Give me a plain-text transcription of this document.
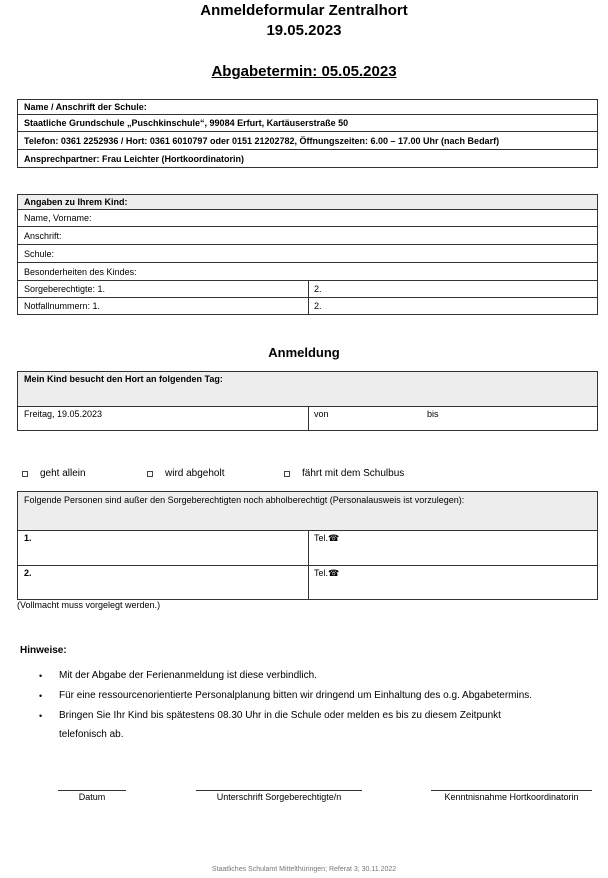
Anmeldeformular Zentralhort
19.05.2023
Abgabetermin: 05.05.2023
Name / Anschrift der Schule:
Staatliche Grundschule „Puschkinschule“, 99084 Erfurt, Kartäuserstraße 50
Telefon: 0361 2252936 / Hort: 0361 6010797 oder 0151 21202782, Öffnungszeiten: 6.00 – 17.00 Uhr (nach Bedarf)
Ansprechpartner: Frau Leichter (Hortkoordinatorin)
Angaben zu Ihrem Kind:
Name, Vorname:
Anschrift:
Schule:
Besonderheiten des Kindes:
Sorgeberechtigte: 1.	2.
Notfallnummern: 1.	2.
Anmeldung
Mein Kind besucht den Hort an folgenden Tag:
Freitag, 19.05.2023	von	bis
geht allein	wird abgeholt	fährt mit dem Schulbus
Folgende Personen sind außer den Sorgeberechtigten noch abholberechtigt (Personalausweis ist vorzulegen):
1.	Tel.☎
2.	Tel.☎
(Vollmacht muss vorgelegt werden.)
Hinweise:
• Mit der Abgabe der Ferienanmeldung ist diese verbindlich.
• Für eine ressourcenorientierte Personalplanung bitten wir dringend um Einhaltung des o.g. Abgabetermins.
• Bringen Sie Ihr Kind bis spätestens 08.30 Uhr in die Schule oder melden es bis zu diesem Zeitpunkt
telefonisch ab.
Datum	Unterschrift Sorgeberechtigte/n	Kenntnisnahme Hortkoordinatorin
Staatliches Schulamt Mittelthüringen; Referat 3; 30.11.2022
